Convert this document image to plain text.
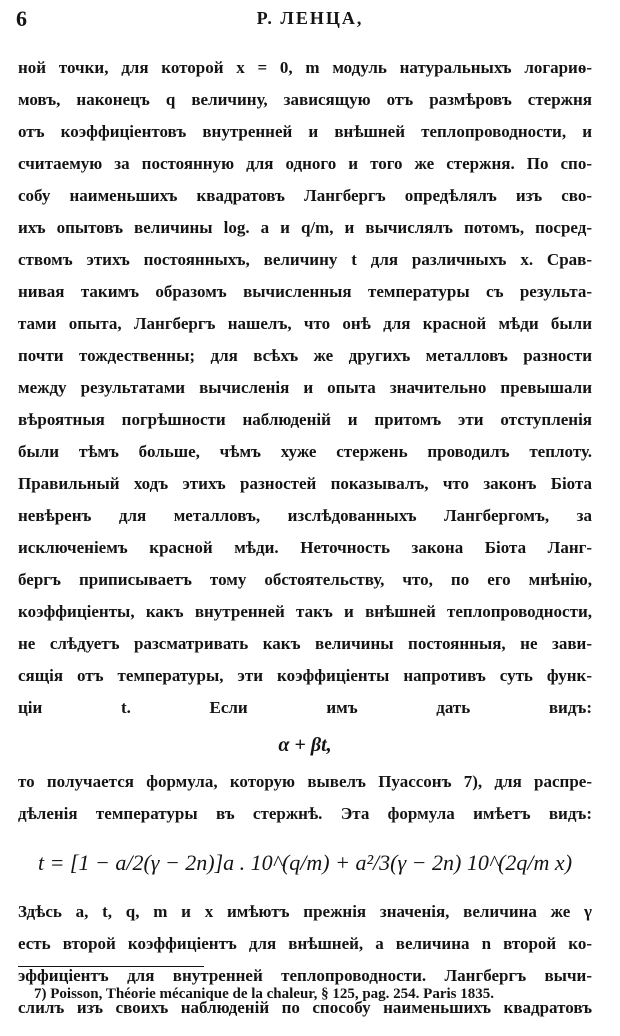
6	Р. ЛЕНЦА,
ной точки, для которой x = 0, m модуль натуральныхъ логариѳ-
мовъ, наконецъ q величину, зависящую отъ размѣровъ стержня
отъ коэффиціентовъ внутренней и внѣшней теплопроводности, и
считаемую за постоянную для одного и того же стержня. По спо-
собу наименьшихъ квадратовъ Лангбергъ опредѣлялъ изъ сво-
ихъ опытовъ величины log. a и q/m, и вычислялъ потомъ, посред-
ствомъ этихъ постоянныхъ, величину t для различныхъ x. Срав-
нивая такимъ образомъ вычисленныя температуры съ результа-
тами опыта, Лангбергъ нашелъ, что онѣ для красной мѣди были
почти тождественны; для всѣхъ же другихъ металловъ разности
между результатами вычисленія и опыта значительно превышали
вѣроятныя погрѣшности наблюденій и притомъ эти отступленія
были тѣмъ больше, чѣмъ хуже стержень проводилъ теплоту.
Правильный ходъ этихъ разностей показывалъ, что законъ Біота
невѣренъ для металловъ, изслѣдованныхъ Лангбергомъ, за
исключеніемъ красной мѣди. Неточность закона Біота Ланг-
бергъ приписываетъ тому обстоятельству, что, по его мнѣнію,
коэффиціенты, какъ внутренней такъ и внѣшней теплопроводности,
не слѣдуетъ разсматривать какъ величины постоянныя, не зави-
сящія отъ температуры, эти коэффиціенты напротивъ суть функ-
ціи t. Если имъ дать видъ:
α + βt,
то получается формула, которую вывелъ Пуассонъ 7), для распре-
дѣленія температуры въ стержнѣ. Эта формула имѣетъ видъ:
t = [1 − a/2(γ − 2n)]a . 10^(q/m) + a²/3(γ − 2n) 10^(2q/m x)
Здѣсь a, t, q, m и x имѣютъ прежнія значенія, величина же γ
есть второй коэффиціентъ для внѣшней, а величина n второй ко-
эффиціентъ для внутренней теплопроводности. Лангбергъ вычи-
слилъ изъ своихъ наблюденій по способу наименьшихъ квадратовъ
7) Poisson, Théorie mécanique de la chaleur, § 125, pag. 254. Paris 1835.
